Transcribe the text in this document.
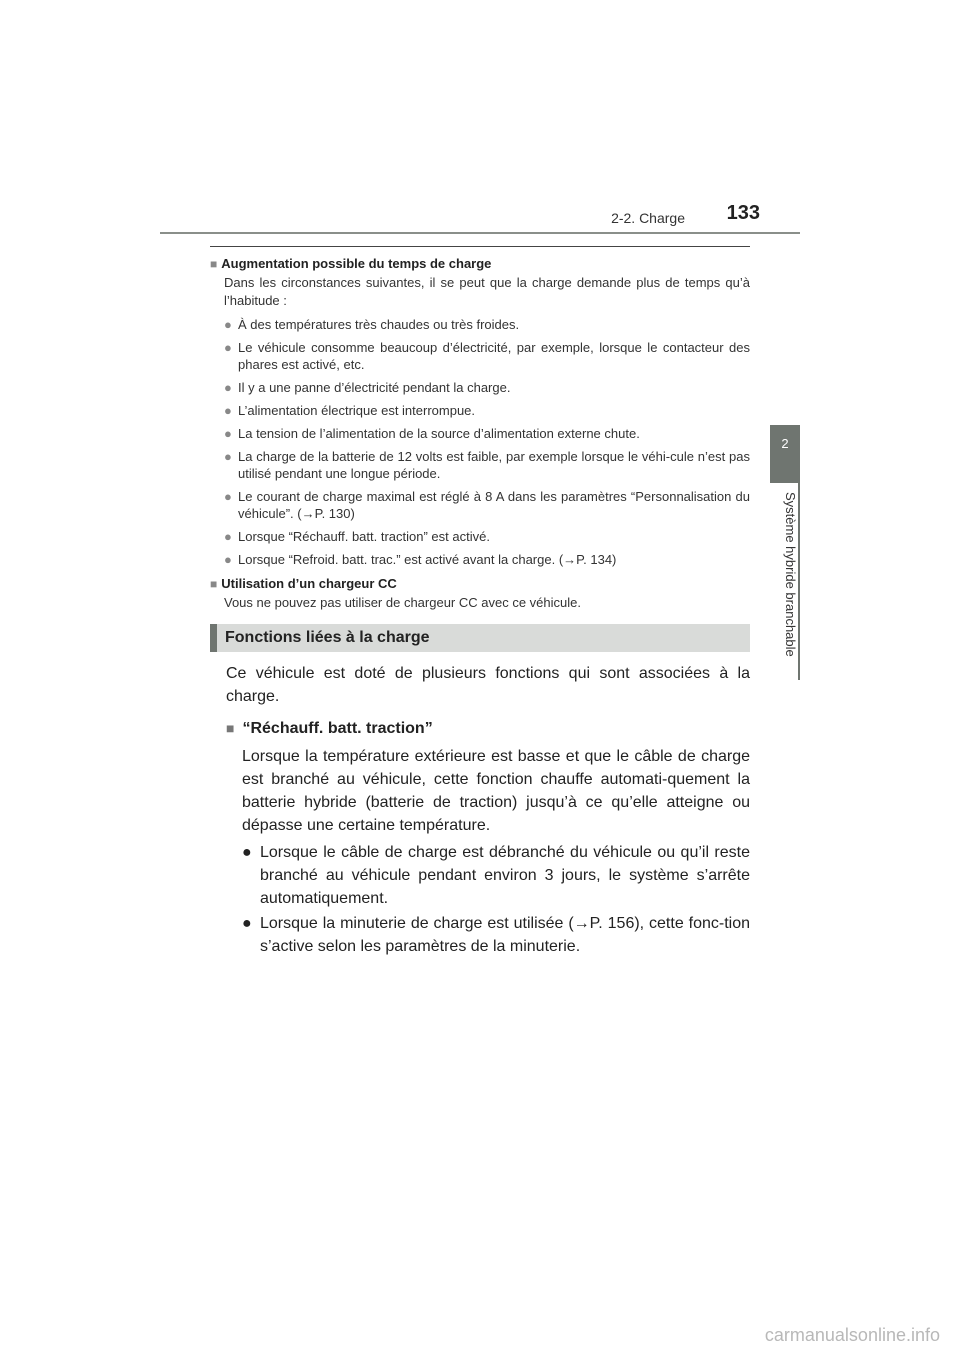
2-2. Charge 133
2
Système hybride branchable

■ Augmentation possible du temps de charge

Dans les circonstances suivantes, il se peut que la charge demande plus de temps qu’à l’habitude :

● À des températures très chaudes ou très froides.
● Le véhicule consomme beaucoup d’électricité, par exemple, lorsque le contacteur des phares est activé, etc.
● Il y a une panne d’électricité pendant la charge.
● L’alimentation électrique est interrompue.
● La tension de l’alimentation de la source d’alimentation externe chute.
● La charge de la batterie de 12 volts est faible, par exemple lorsque le véhi-cule n’est pas utilisé pendant une longue période.
● Le courant de charge maximal est réglé à 8 A dans les paramètres “Personnalisation du véhicule”. (→P. 130)
● Lorsque “Réchauff. batt. traction” est activé.
● Lorsque “Refroid. batt. trac.” est activé avant la charge. (→P. 134)

■ Utilisation d’un chargeur CC

Vous ne pouvez pas utiliser de chargeur CC avec ce véhicule.

Fonctions liées à la charge

Ce véhicule est doté de plusieurs fonctions qui sont associées à la charge.

■ “Réchauff. batt. traction”

Lorsque la température extérieure est basse et que le câble de charge est branché au véhicule, cette fonction chauffe automati-quement la batterie hybride (batterie de traction) jusqu’à ce qu’elle atteigne ou dépasse une certaine température.

● Lorsque le câble de charge est débranché du véhicule ou qu’il reste branché au véhicule pendant environ 3 jours, le système s’arrête automatiquement.
● Lorsque la minuterie de charge est utilisée (→P. 156), cette fonc-tion s’active selon les paramètres de la minuterie.
carmanualsonline.info
